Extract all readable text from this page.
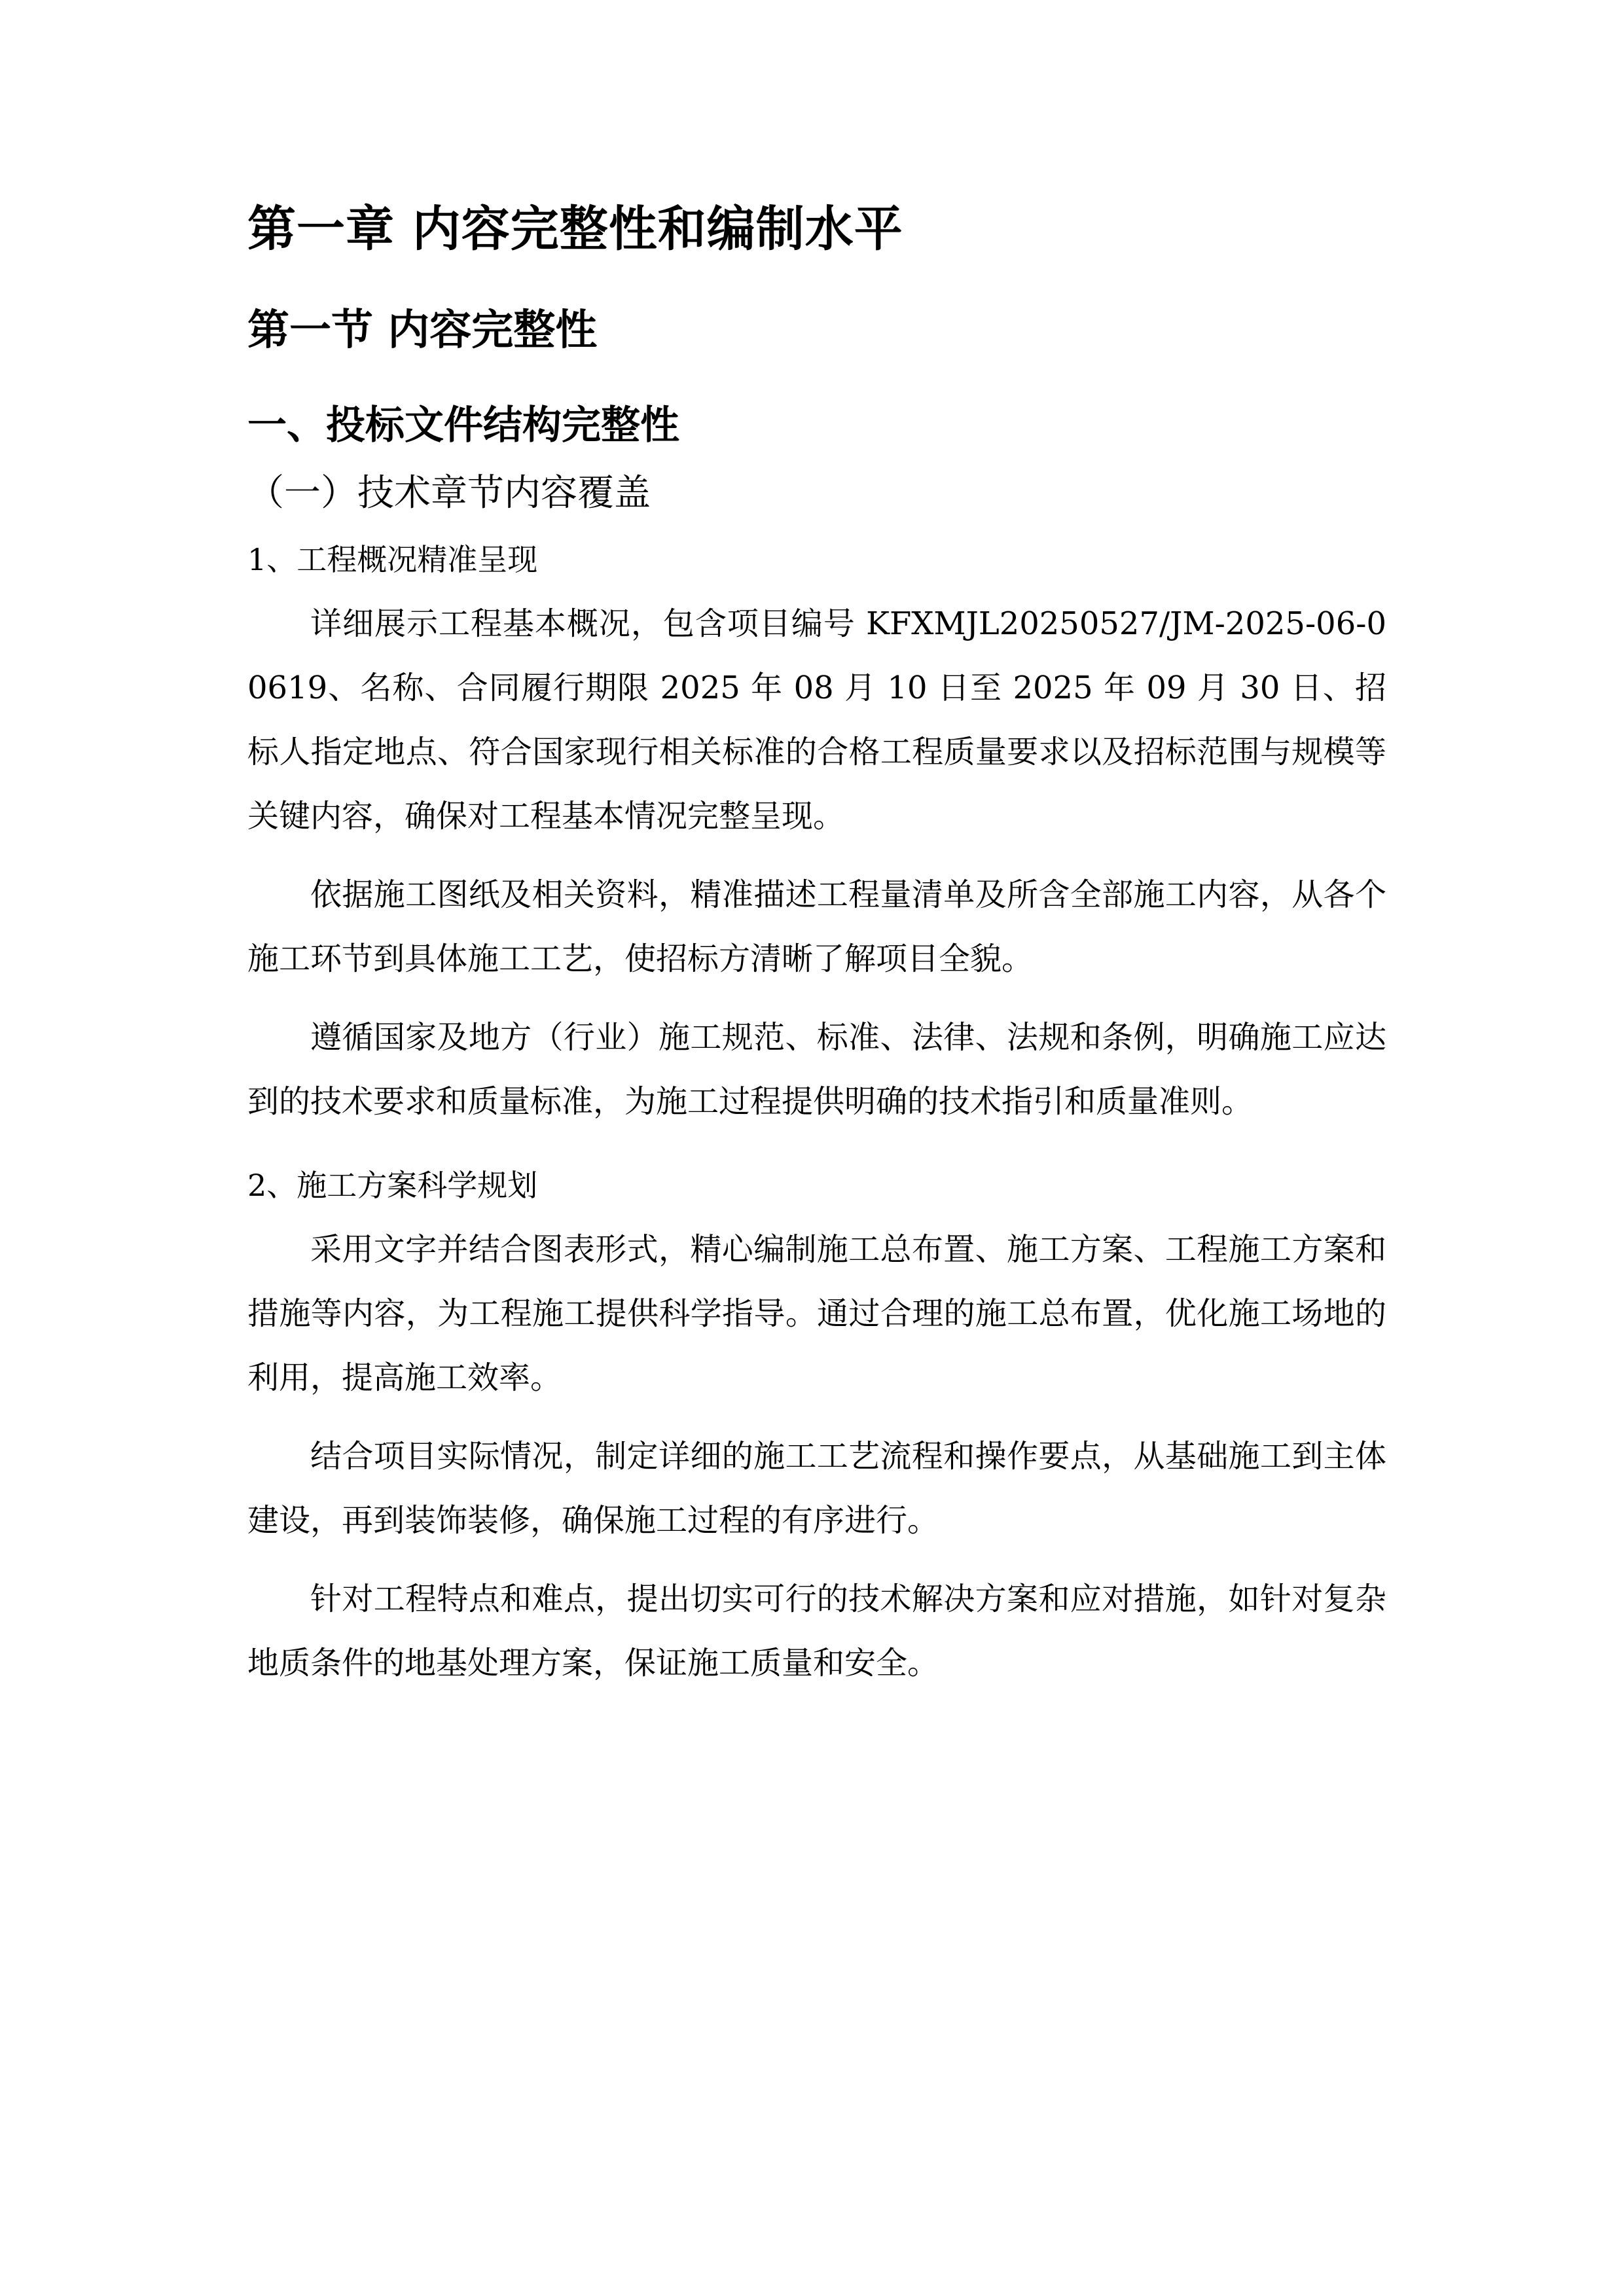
第一章 内容完整性和编制水平
第一节 内容完整性
一、投标文件结构完整性
（一）技术章节内容覆盖
1、工程概况精准呈现

详细展示工程基本概况，包含项目编号 KFXMJL20250527/JM-2025-06-00619、名称、合同履行期限 2025 年 08 月 10 日至 2025 年 09 月 30 日、招标人指定地点、符合国家现行相关标准的合格工程质量要求以及招标范围与规模等关键内容，确保对工程基本情况完整呈现。

依据施工图纸及相关资料，精准描述工程量清单及所含全部施工内容，从各个施工环节到具体施工工艺，使招标方清晰了解项目全貌。

遵循国家及地方（行业）施工规范、标准、法律、法规和条例，明确施工应达到的技术要求和质量标准，为施工过程提供明确的技术指引和质量准则。

2、施工方案科学规划

采用文字并结合图表形式，精心编制施工总布置、施工方案、工程施工方案和措施等内容，为工程施工提供科学指导。通过合理的施工总布置，优化施工场地的利用，提高施工效率。

结合项目实际情况，制定详细的施工工艺流程和操作要点，从基础施工到主体建设，再到装饰装修，确保施工过程的有序进行。

针对工程特点和难点，提出切实可行的技术解决方案和应对措施，如针对复杂地质条件的地基处理方案，保证施工质量和安全。
